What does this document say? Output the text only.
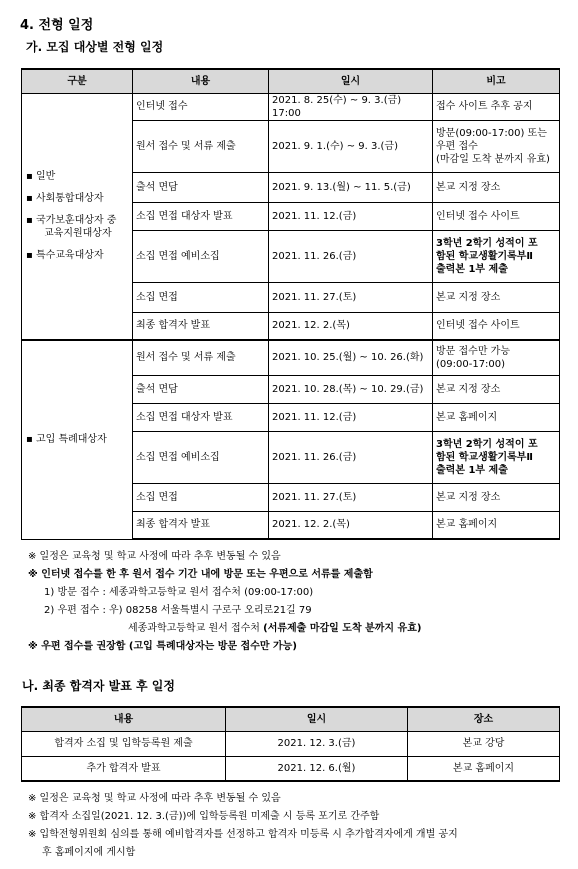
4. 전형 일정
가. 모집 대상별 전형 일정
구분	내용	일시	비고

▪ 일반
▪ 사회통합대상자
▪ 국가보훈대상자 중
교육지원대상자
▪ 특수교육대상자	인터넷 접수	2021. 8. 25(수) ~ 9. 3.(금) 17:00	접수 사이트 추후 공지

	원서 접수 및 서류 제출	2021. 9. 1.(수) ~ 9. 3.(금)	방문(09:00-17:00) 또는
우편 접수
(마감일 도착 분까지 유효)

	출석 면담	2021. 9. 13.(월) ~ 11. 5.(금)	본교 지정 장소

	소집 면접 대상자 발표	2021. 11. 12.(금)	인터넷 접수 사이트

	소집 면접 예비소집	2021. 11. 26.(금)	3학년 2학기 성적이 포
함된 학교생활기록부Ⅱ
출력본 1부 제출

	소집 면접	2021. 11. 27.(토)	본교 지정 장소

	최종 합격자 발표	2021. 12. 2.(목)	인터넷 접수 사이트

▪ 고입 특례대상자	원서 접수 및 서류 제출	2021. 10. 25.(월) ~ 10. 26.(화)	방문 접수만 가능
(09:00-17:00)

	출석 면담	2021. 10. 28.(목) ~ 10. 29.(금)	본교 지정 장소

	소집 면접 대상자 발표	2021. 11. 12.(금)	본교 홈페이지

	소집 면접 예비소집	2021. 11. 26.(금)	3학년 2학기 성적이 포
함된 학교생활기록부Ⅱ
출력본 1부 제출

	소집 면접	2021. 11. 27.(토)	본교 지정 장소

	최종 합격자 발표	2021. 12. 2.(목)	본교 홈페이지
※ 일정은 교육청 및 학교 사정에 따라 추후 변동될 수 있음
※ 인터넷 접수를 한 후 원서 접수 기간 내에 방문 또는 우편으로 서류를 제출함
1) 방문 접수 : 세종과학고등학교 원서 접수처 (09:00-17:00)
2) 우편 접수 : 우) 08258 서울특별시 구로구 오리로21길 79
세종과학고등학교 원서 접수처 (서류제출 마감일 도착 분까지 유효)
※ 우편 접수를 권장함 (고입 특례대상자는 방문 접수만 가능)
나. 최종 합격자 발표 후 일정
내용	일시	장소
합격자 소집 및 입학등록원 제출	2021. 12. 3.(금)	본교 강당
추가 합격자 발표	2021. 12. 6.(월)	본교 홈페이지
※ 일정은 교육청 및 학교 사정에 따라 추후 변동될 수 있음
※ 합격자 소집일(2021. 12. 3.(금))에 입학등록원 미제출 시 등록 포기로 간주함
※ 입학전형위원회 심의를 통해 예비합격자를 선정하고 합격자 미등록 시 추가합격자에게 개별 공지
후 홈페이지에 게시함
